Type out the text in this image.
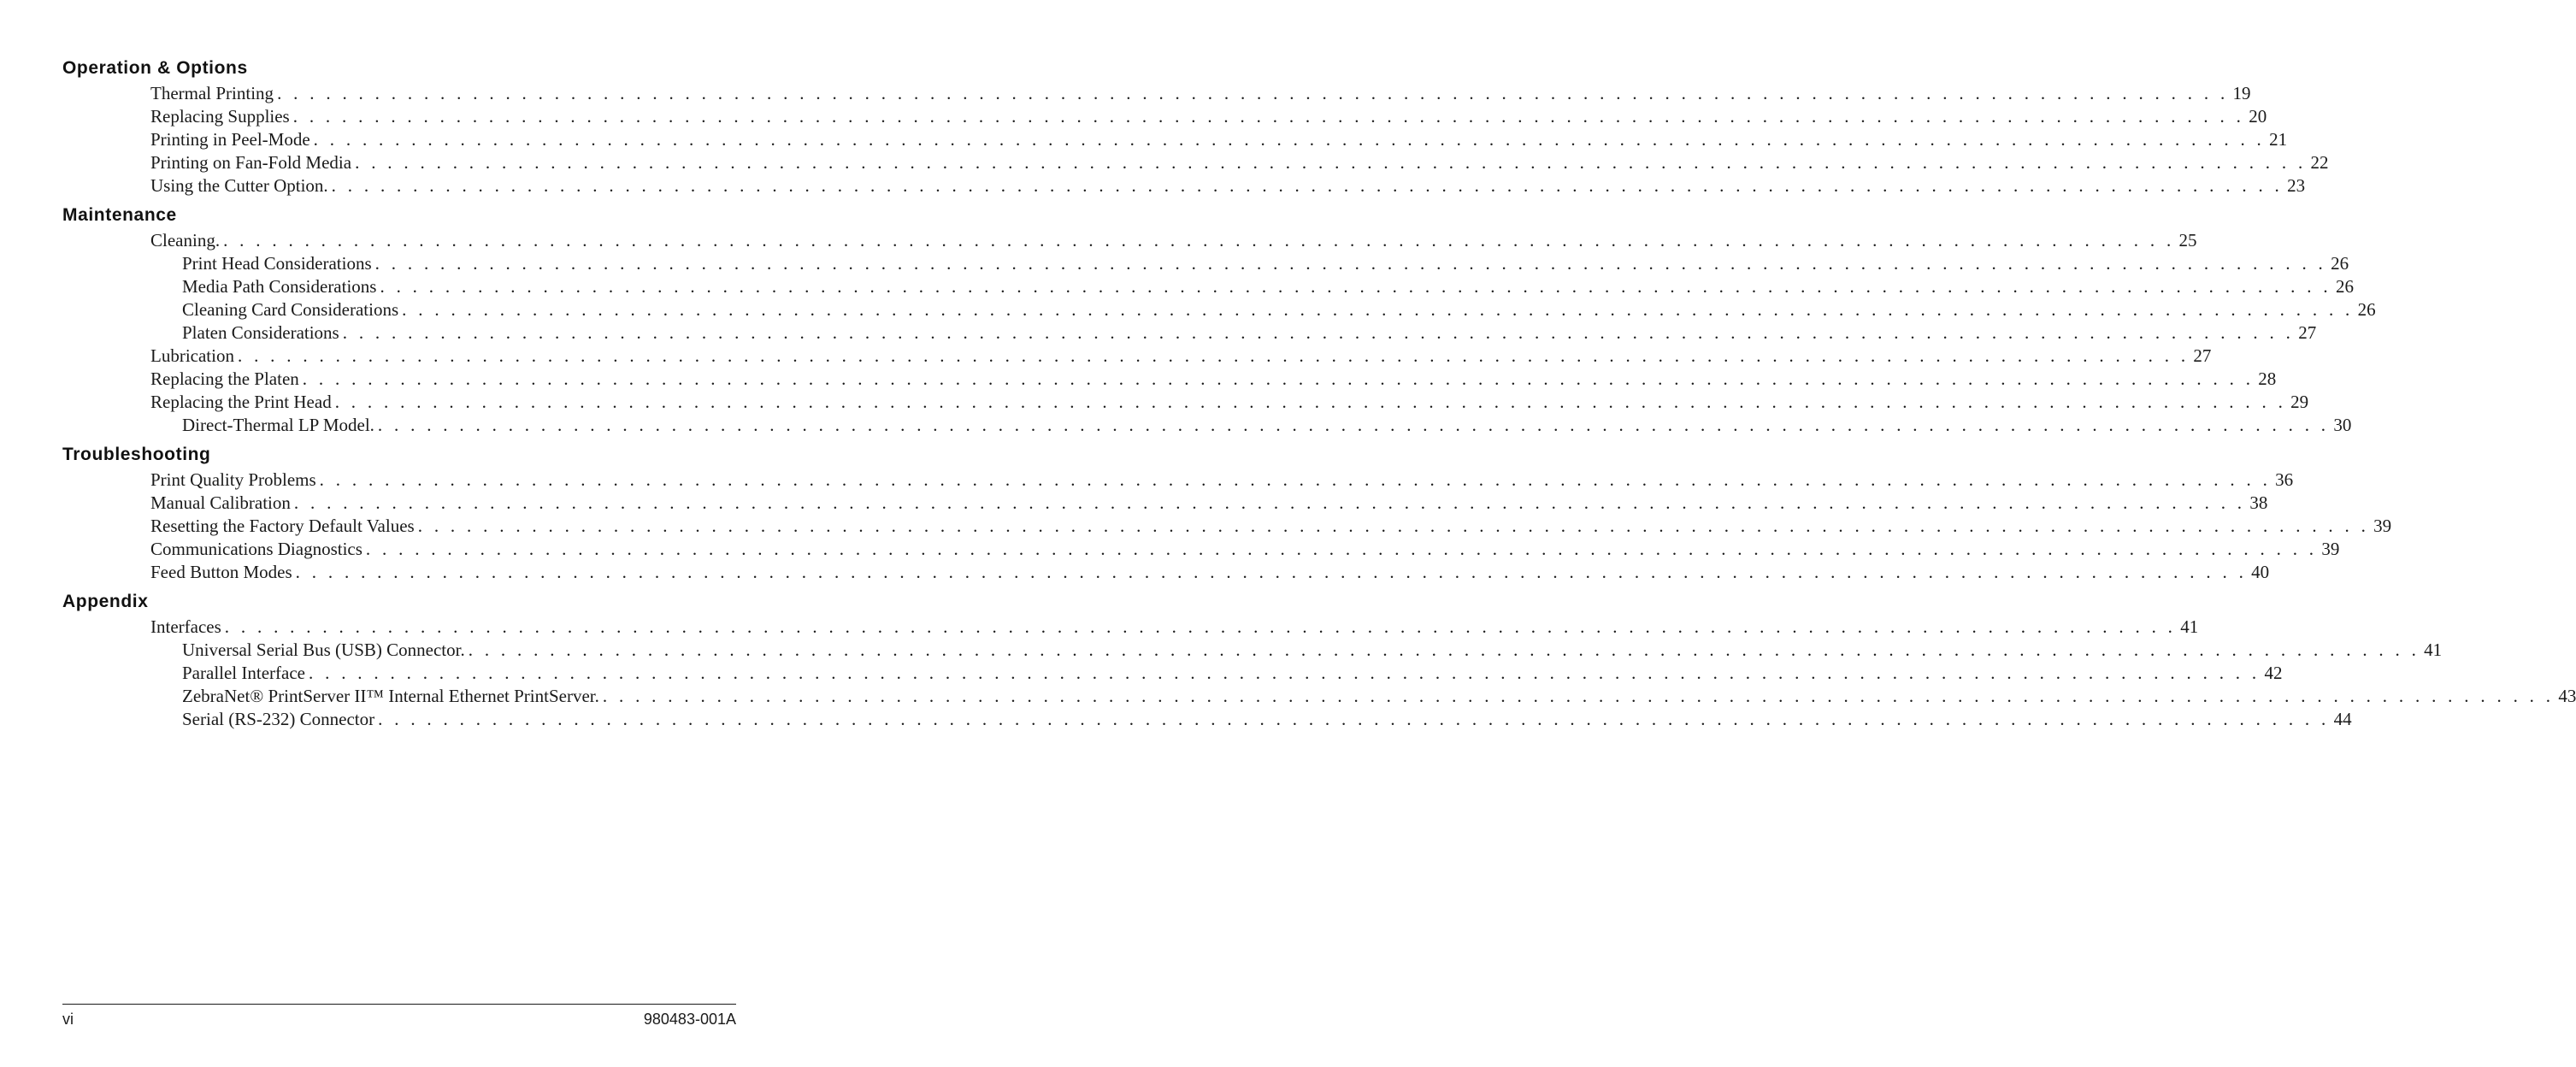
Operation & Options
Thermal Printing . . . . . . . . . . . . . . . . . . . . . . . . . . . . . . . . . . . . . . . . . . . . . . . . . . . . . . . . . . . . . . . . . . . . . . . . . . . . . . . . . . . . . . . . . . . . . . . . . . . . . . . . . . . . . . . . . . . . . . . . 19
Replacing Supplies . . . . . . . . . . . . . . . . . . . . . . . . . . . . . . . . . . . . . . . . . . . . . . . . . . . . . . . . . . . . . . . . . . . . . . . . . . . . . . . . . . . . . . . . . . . . . . . . . . . . . . . . . . . . . . . . . . . . . . . . 20
Printing in Peel-Mode . . . . . . . . . . . . . . . . . . . . . . . . . . . . . . . . . . . . . . . . . . . . . . . . . . . . . . . . . . . . . . . . . . . . . . . . . . . . . . . . . . . . . . . . . . . . . . . . . . . . . . . . . . . . . . . . . . . . . . . . 21
Printing on Fan-Fold Media . . . . . . . . . . . . . . . . . . . . . . . . . . . . . . . . . . . . . . . . . . . . . . . . . . . . . . . . . . . . . . . . . . . . . . . . . . . . . . . . . . . . . . . . . . . . . . . . . . . . . . . . . . . . . . . . . . . . . . . . 22
Using the Cutter Option. . . . . . . . . . . . . . . . . . . . . . . . . . . . . . . . . . . . . . . . . . . . . . . . . . . . . . . . . . . . . . . . . . . . . . . . . . . . . . . . . . . . . . . . . . . . . . . . . . . . . . . . . . . . . . . . . . . . . . . . . 23
Maintenance
Cleaning. . . . . . . . . . . . . . . . . . . . . . . . . . . . . . . . . . . . . . . . . . . . . . . . . . . . . . . . . . . . . . . . . . . . . . . . . . . . . . . . . . . . . . . . . . . . . . . . . . . . . . . . . . . . . . . . . . . . . . . . . 25
Print Head Considerations . . . . . . . . . . . . . . . . . . . . . . . . . . . . . . . . . . . . . . . . . . . . . . . . . . . . . . . . . . . . . . . . . . . . . . . . . . . . . . . . . . . . . . . . . . . . . . . . . . . . . . . . . . . . . . . . . . . . . . . . 26
Media Path Considerations . . . . . . . . . . . . . . . . . . . . . . . . . . . . . . . . . . . . . . . . . . . . . . . . . . . . . . . . . . . . . . . . . . . . . . . . . . . . . . . . . . . . . . . . . . . . . . . . . . . . . . . . . . . . . . . . . . . . . . . . 26
Cleaning Card Considerations . . . . . . . . . . . . . . . . . . . . . . . . . . . . . . . . . . . . . . . . . . . . . . . . . . . . . . . . . . . . . . . . . . . . . . . . . . . . . . . . . . . . . . . . . . . . . . . . . . . . . . . . . . . . . . . . . . . . . . . . 26
Platen Considerations . . . . . . . . . . . . . . . . . . . . . . . . . . . . . . . . . . . . . . . . . . . . . . . . . . . . . . . . . . . . . . . . . . . . . . . . . . . . . . . . . . . . . . . . . . . . . . . . . . . . . . . . . . . . . . . . . . . . . . . . 27
Lubrication . . . . . . . . . . . . . . . . . . . . . . . . . . . . . . . . . . . . . . . . . . . . . . . . . . . . . . . . . . . . . . . . . . . . . . . . . . . . . . . . . . . . . . . . . . . . . . . . . . . . . . . . . . . . . . . . . . . . . . . . 27
Replacing the Platen . . . . . . . . . . . . . . . . . . . . . . . . . . . . . . . . . . . . . . . . . . . . . . . . . . . . . . . . . . . . . . . . . . . . . . . . . . . . . . . . . . . . . . . . . . . . . . . . . . . . . . . . . . . . . . . . . . . . . . . . 28
Replacing the Print Head . . . . . . . . . . . . . . . . . . . . . . . . . . . . . . . . . . . . . . . . . . . . . . . . . . . . . . . . . . . . . . . . . . . . . . . . . . . . . . . . . . . . . . . . . . . . . . . . . . . . . . . . . . . . . . . . . . . . . . . . 29
Direct-Thermal LP Model. . . . . . . . . . . . . . . . . . . . . . . . . . . . . . . . . . . . . . . . . . . . . . . . . . . . . . . . . . . . . . . . . . . . . . . . . . . . . . . . . . . . . . . . . . . . . . . . . . . . . . . . . . . . . . . . . . . . . . . . . 30
Troubleshooting
Print Quality Problems . . . . . . . . . . . . . . . . . . . . . . . . . . . . . . . . . . . . . . . . . . . . . . . . . . . . . . . . . . . . . . . . . . . . . . . . . . . . . . . . . . . . . . . . . . . . . . . . . . . . . . . . . . . . . . . . . . . . . . . . 36
Manual Calibration . . . . . . . . . . . . . . . . . . . . . . . . . . . . . . . . . . . . . . . . . . . . . . . . . . . . . . . . . . . . . . . . . . . . . . . . . . . . . . . . . . . . . . . . . . . . . . . . . . . . . . . . . . . . . . . . . . . . . . . . 38
Resetting the Factory Default Values . . . . . . . . . . . . . . . . . . . . . . . . . . . . . . . . . . . . . . . . . . . . . . . . . . . . . . . . . . . . . . . . . . . . . . . . . . . . . . . . . . . . . . . . . . . . . . . . . . . . . . . . . . . . . . . . . . . . . . . . 39
Communications Diagnostics . . . . . . . . . . . . . . . . . . . . . . . . . . . . . . . . . . . . . . . . . . . . . . . . . . . . . . . . . . . . . . . . . . . . . . . . . . . . . . . . . . . . . . . . . . . . . . . . . . . . . . . . . . . . . . . . . . . . . . . . 39
Feed Button Modes . . . . . . . . . . . . . . . . . . . . . . . . . . . . . . . . . . . . . . . . . . . . . . . . . . . . . . . . . . . . . . . . . . . . . . . . . . . . . . . . . . . . . . . . . . . . . . . . . . . . . . . . . . . . . . . . . . . . . . . . 40
Appendix
Interfaces . . . . . . . . . . . . . . . . . . . . . . . . . . . . . . . . . . . . . . . . . . . . . . . . . . . . . . . . . . . . . . . . . . . . . . . . . . . . . . . . . . . . . . . . . . . . . . . . . . . . . . . . . . . . . . . . . . . . . . . . 41
Universal Serial Bus (USB) Connector. . . . . . . . . . . . . . . . . . . . . . . . . . . . . . . . . . . . . . . . . . . . . . . . . . . . . . . . . . . . . . . . . . . . . . . . . . . . . . . . . . . . . . . . . . . . . . . . . . . . . . . . . . . . . . . . . . . . . . . . . 41
Parallel Interface . . . . . . . . . . . . . . . . . . . . . . . . . . . . . . . . . . . . . . . . . . . . . . . . . . . . . . . . . . . . . . . . . . . . . . . . . . . . . . . . . . . . . . . . . . . . . . . . . . . . . . . . . . . . . . . . . . . . . . . . 42
ZebraNet® PrintServer II™ Internal Ethernet PrintServer. . . . . . . . . . . . . . . . . . . . . . . . . . . . . . . . . . . . . . . . . . . . . . . . . . . . . . . . . . . . . . . . . . . . . . . . . . . . . . . . . . . . . . . . . . . . . . . . . . . . . . . . . . . . . . . . . . . . . . . . . 43
Serial (RS-232) Connector . . . . . . . . . . . . . . . . . . . . . . . . . . . . . . . . . . . . . . . . . . . . . . . . . . . . . . . . . . . . . . . . . . . . . . . . . . . . . . . . . . . . . . . . . . . . . . . . . . . . . . . . . . . . . . . . . . . . . . . . 44
vi	980483-001A
